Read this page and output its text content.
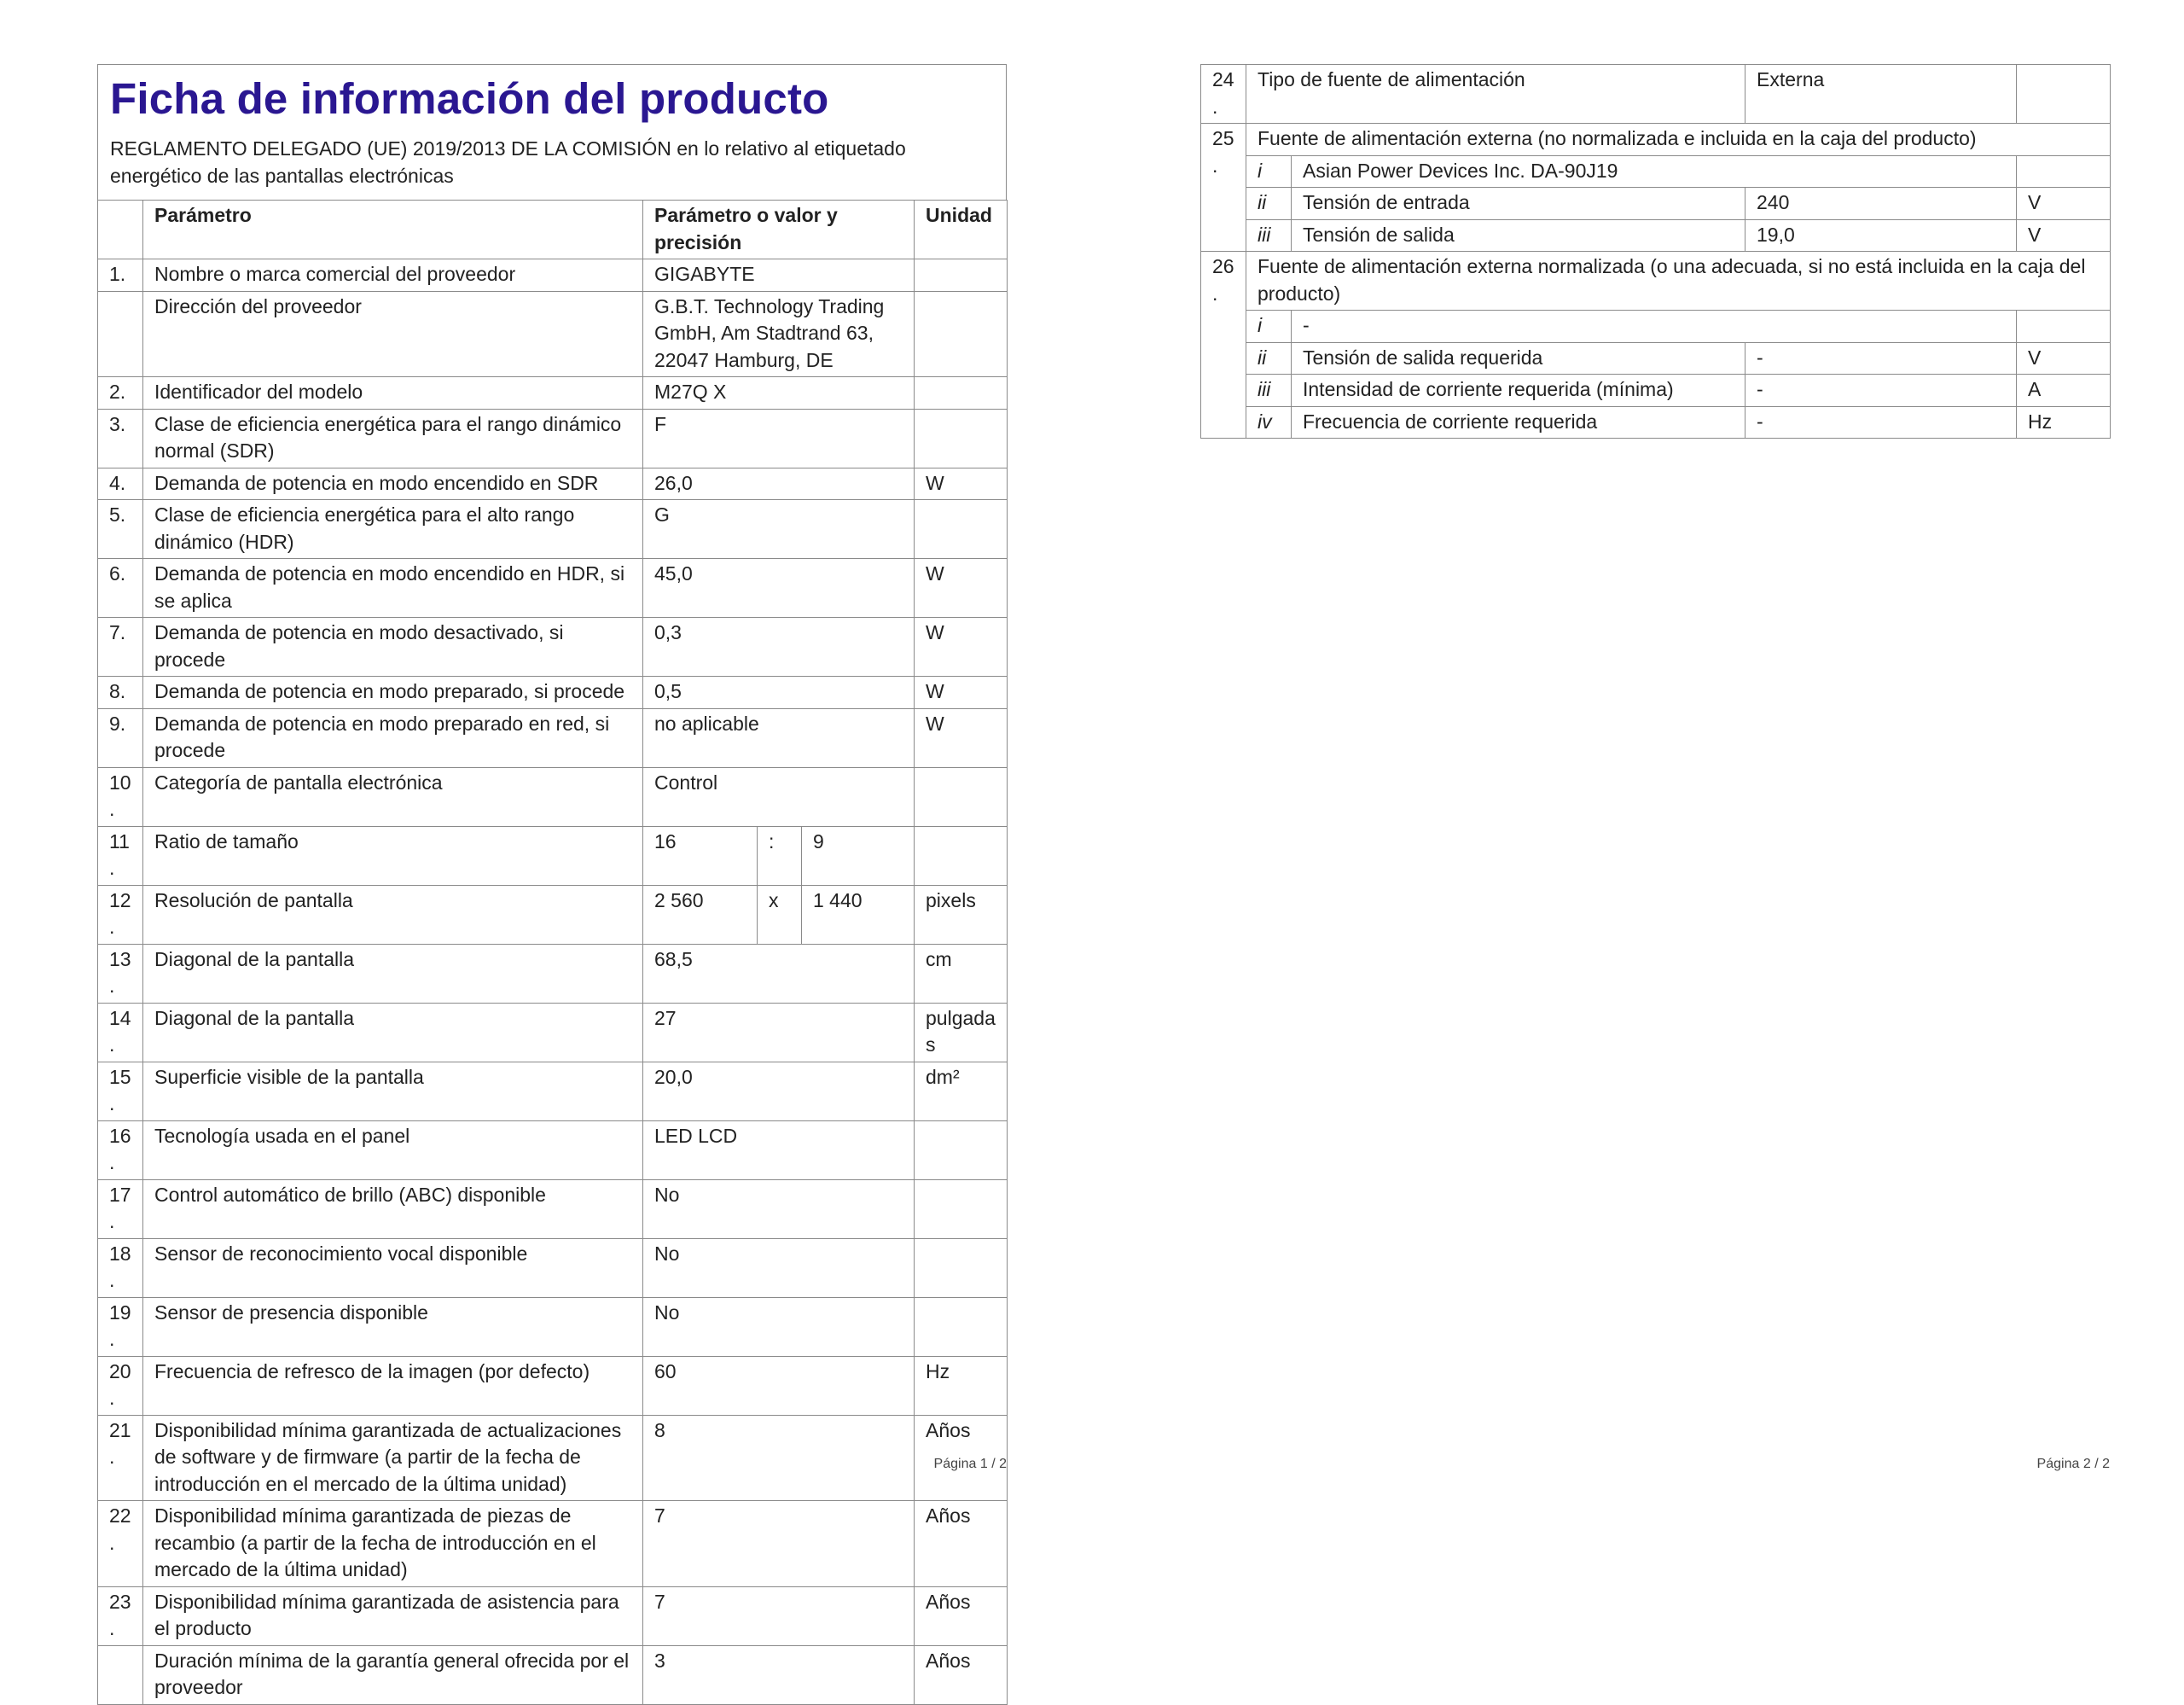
Ficha de información del producto
REGLAMENTO DELEGADO (UE) 2019/2013 DE LA COMISIÓN en lo relativo al etiquetado energético de las pantallas electrónicas
	Parámetro	Parámetro o valor y precisión			Unidad
1.	Nombre o marca comercial del proveedor	GIGABYTE			
	Dirección del proveedor	G.B.T. Technology Trading GmbH, Am Stadtrand 63, 22047 Hamburg, DE			
2.	Identificador del modelo	M27Q X			
3.	Clase de eficiencia energética para el rango dinámico normal (SDR)	F			
4.	Demanda de potencia en modo encendido en SDR	26,0			W
5.	Clase de eficiencia energética para el alto rango dinámico (HDR)	G			
6.	Demanda de potencia en modo encendido en HDR, si se aplica	45,0			W
7.	Demanda de potencia en modo desactivado, si procede	0,3			W
8.	Demanda de potencia en modo preparado, si procede	0,5			W
9.	Demanda de potencia en modo preparado en red, si procede	no aplicable			W
10.	Categoría de pantalla electrónica	Control			
11.	Ratio de tamaño	16	:	9	
12.	Resolución de pantalla	2 560	x	1 440	pixels
13.	Diagonal de la pantalla	68,5			cm
14.	Diagonal de la pantalla	27			pulgadas
15.	Superficie visible de la pantalla	20,0			dm²
16.	Tecnología usada en el panel	LED LCD			
17.	Control automático de brillo (ABC) disponible	No			
18.	Sensor de reconocimiento vocal disponible	No			
19.	Sensor de presencia disponible	No			
20.	Frecuencia de refresco de la imagen (por defecto)	60			Hz
21.	Disponibilidad mínima garantizada de actualizaciones de software y de firmware (a partir de la fecha de introducción en el mercado de la última unidad)	8			Años
22.	Disponibilidad mínima garantizada de piezas de recambio (a partir de la fecha de introducción en el mercado de la última unidad)	7			Años
23.	Disponibilidad mínima garantizada de asistencia para el producto	7			Años
	Duración mínima de la garantía general ofrecida por el proveedor	3			Años
Página 1 / 2
24.	Tipo de fuente de alimentación		Externa	
25.	Fuente de alimentación externa (no normalizada e incluida en la caja del producto)			
	i	Asian Power Devices Inc. DA-90J19		
	ii	Tensión de entrada	240	V
	iii	Tensión de salida	19,0	V
26.	Fuente de alimentación externa normalizada (o una adecuada, si no está incluida en la caja del producto)			
	i	-		
	ii	Tensión de salida requerida	-	V
	iii	Intensidad de corriente requerida (mínima)	-	A
	iv	Frecuencia de corriente requerida	-	Hz
Página 2 / 2
